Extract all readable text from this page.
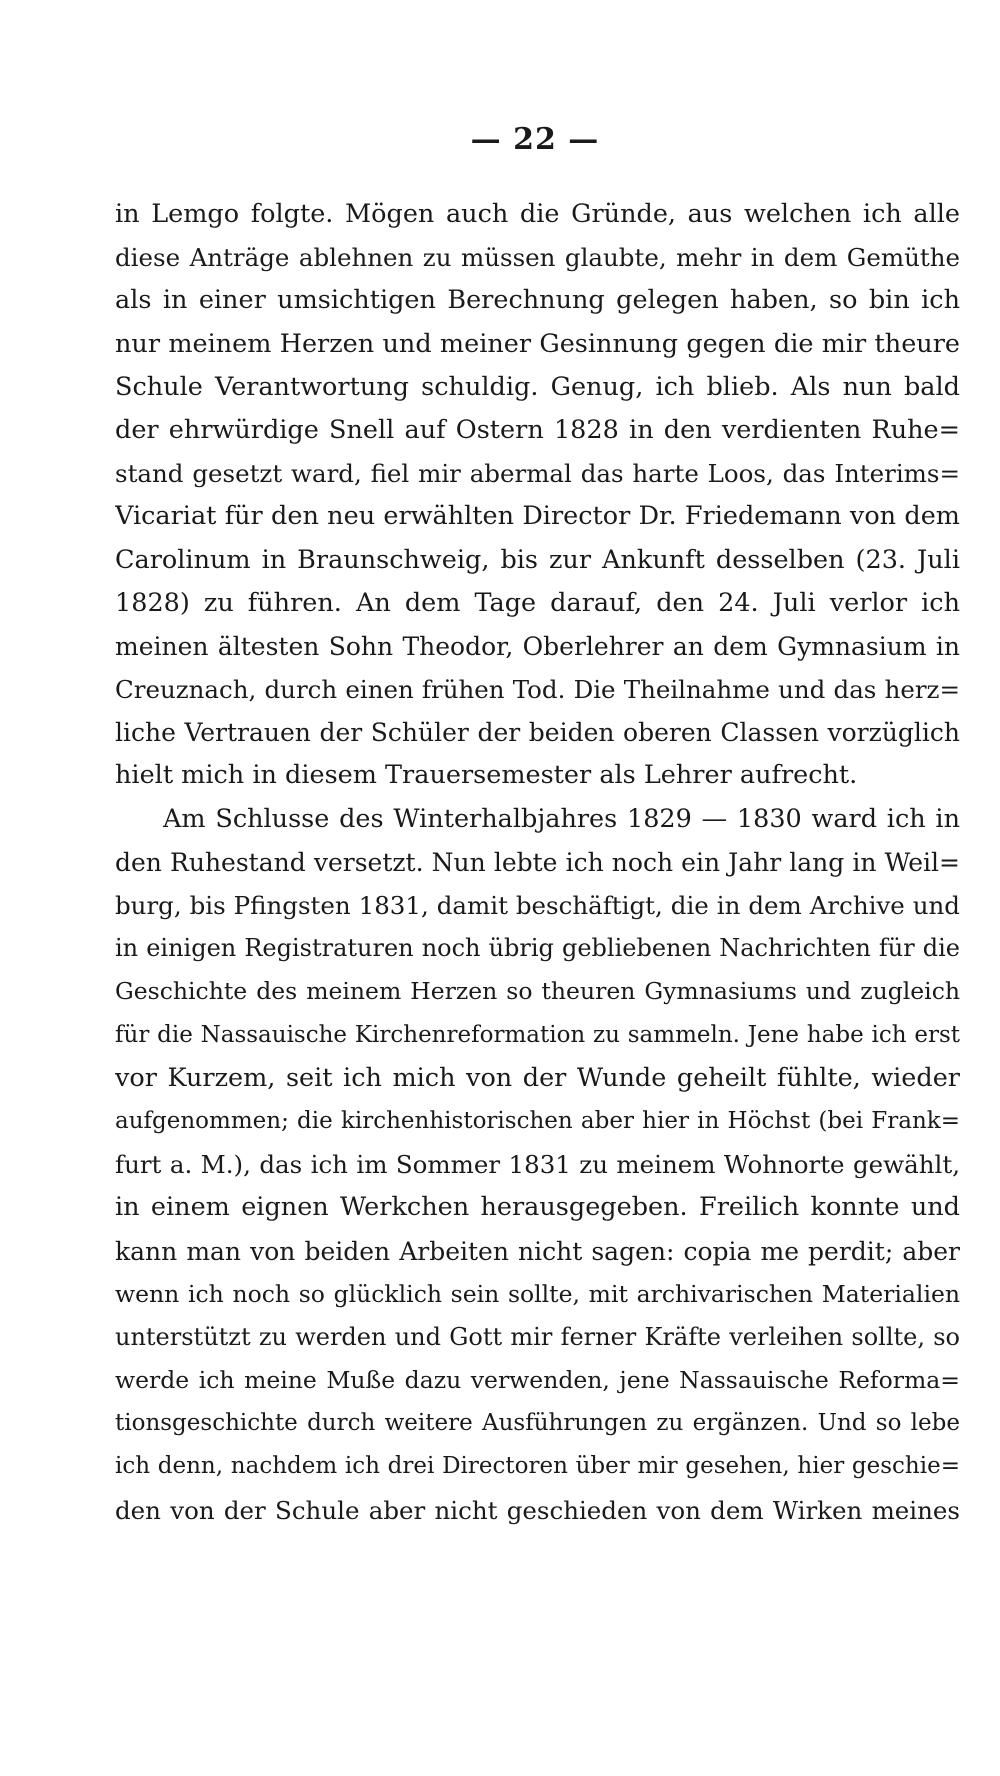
— 22 —
in Lemgo folgte. Mögen auch die Gründe, aus welchen ich alle
diese Anträge ablehnen zu müssen glaubte, mehr in dem Gemüthe
als in einer umsichtigen Berechnung gelegen haben, so bin ich
nur meinem Herzen und meiner Gesinnung gegen die mir theure
Schule Verantwortung schuldig. Genug, ich blieb. Als nun bald
der ehrwürdige Snell auf Ostern 1828 in den verdienten Ruhe=
stand gesetzt ward, fiel mir abermal das harte Loos, das Interims=
Vicariat für den neu erwählten Director Dr. Friedemann von dem
Carolinum in Braunschweig, bis zur Ankunft desselben (23. Juli
1828) zu führen. An dem Tage darauf, den 24. Juli verlor ich
meinen ältesten Sohn Theodor, Oberlehrer an dem Gymnasium in
Creuznach, durch einen frühen Tod. Die Theilnahme und das herz=
liche Vertrauen der Schüler der beiden oberen Classen vorzüglich
hielt mich in diesem Trauersemester als Lehrer aufrecht.
Am Schlusse des Winterhalbjahres 1829 — 1830 ward ich in
den Ruhestand versetzt. Nun lebte ich noch ein Jahr lang in Weil=
burg, bis Pfingsten 1831, damit beschäftigt, die in dem Archive und
in einigen Registraturen noch übrig gebliebenen Nachrichten für die
Geschichte des meinem Herzen so theuren Gymnasiums und zugleich
für die Nassauische Kirchenreformation zu sammeln. Jene habe ich erst
vor Kurzem, seit ich mich von der Wunde geheilt fühlte, wieder
aufgenommen; die kirchenhistorischen aber hier in Höchst (bei Frank=
furt a. M.), das ich im Sommer 1831 zu meinem Wohnorte gewählt,
in einem eignen Werkchen herausgegeben. Freilich konnte und
kann man von beiden Arbeiten nicht sagen: copia me perdit; aber
wenn ich noch so glücklich sein sollte, mit archivarischen Materialien
unterstützt zu werden und Gott mir ferner Kräfte verleihen sollte, so
werde ich meine Muße dazu verwenden, jene Nassauische Reforma=
tionsgeschichte durch weitere Ausführungen zu ergänzen. Und so lebe
ich denn, nachdem ich drei Directoren über mir gesehen, hier geschie=
den von der Schule aber nicht geschieden von dem Wirken meines
